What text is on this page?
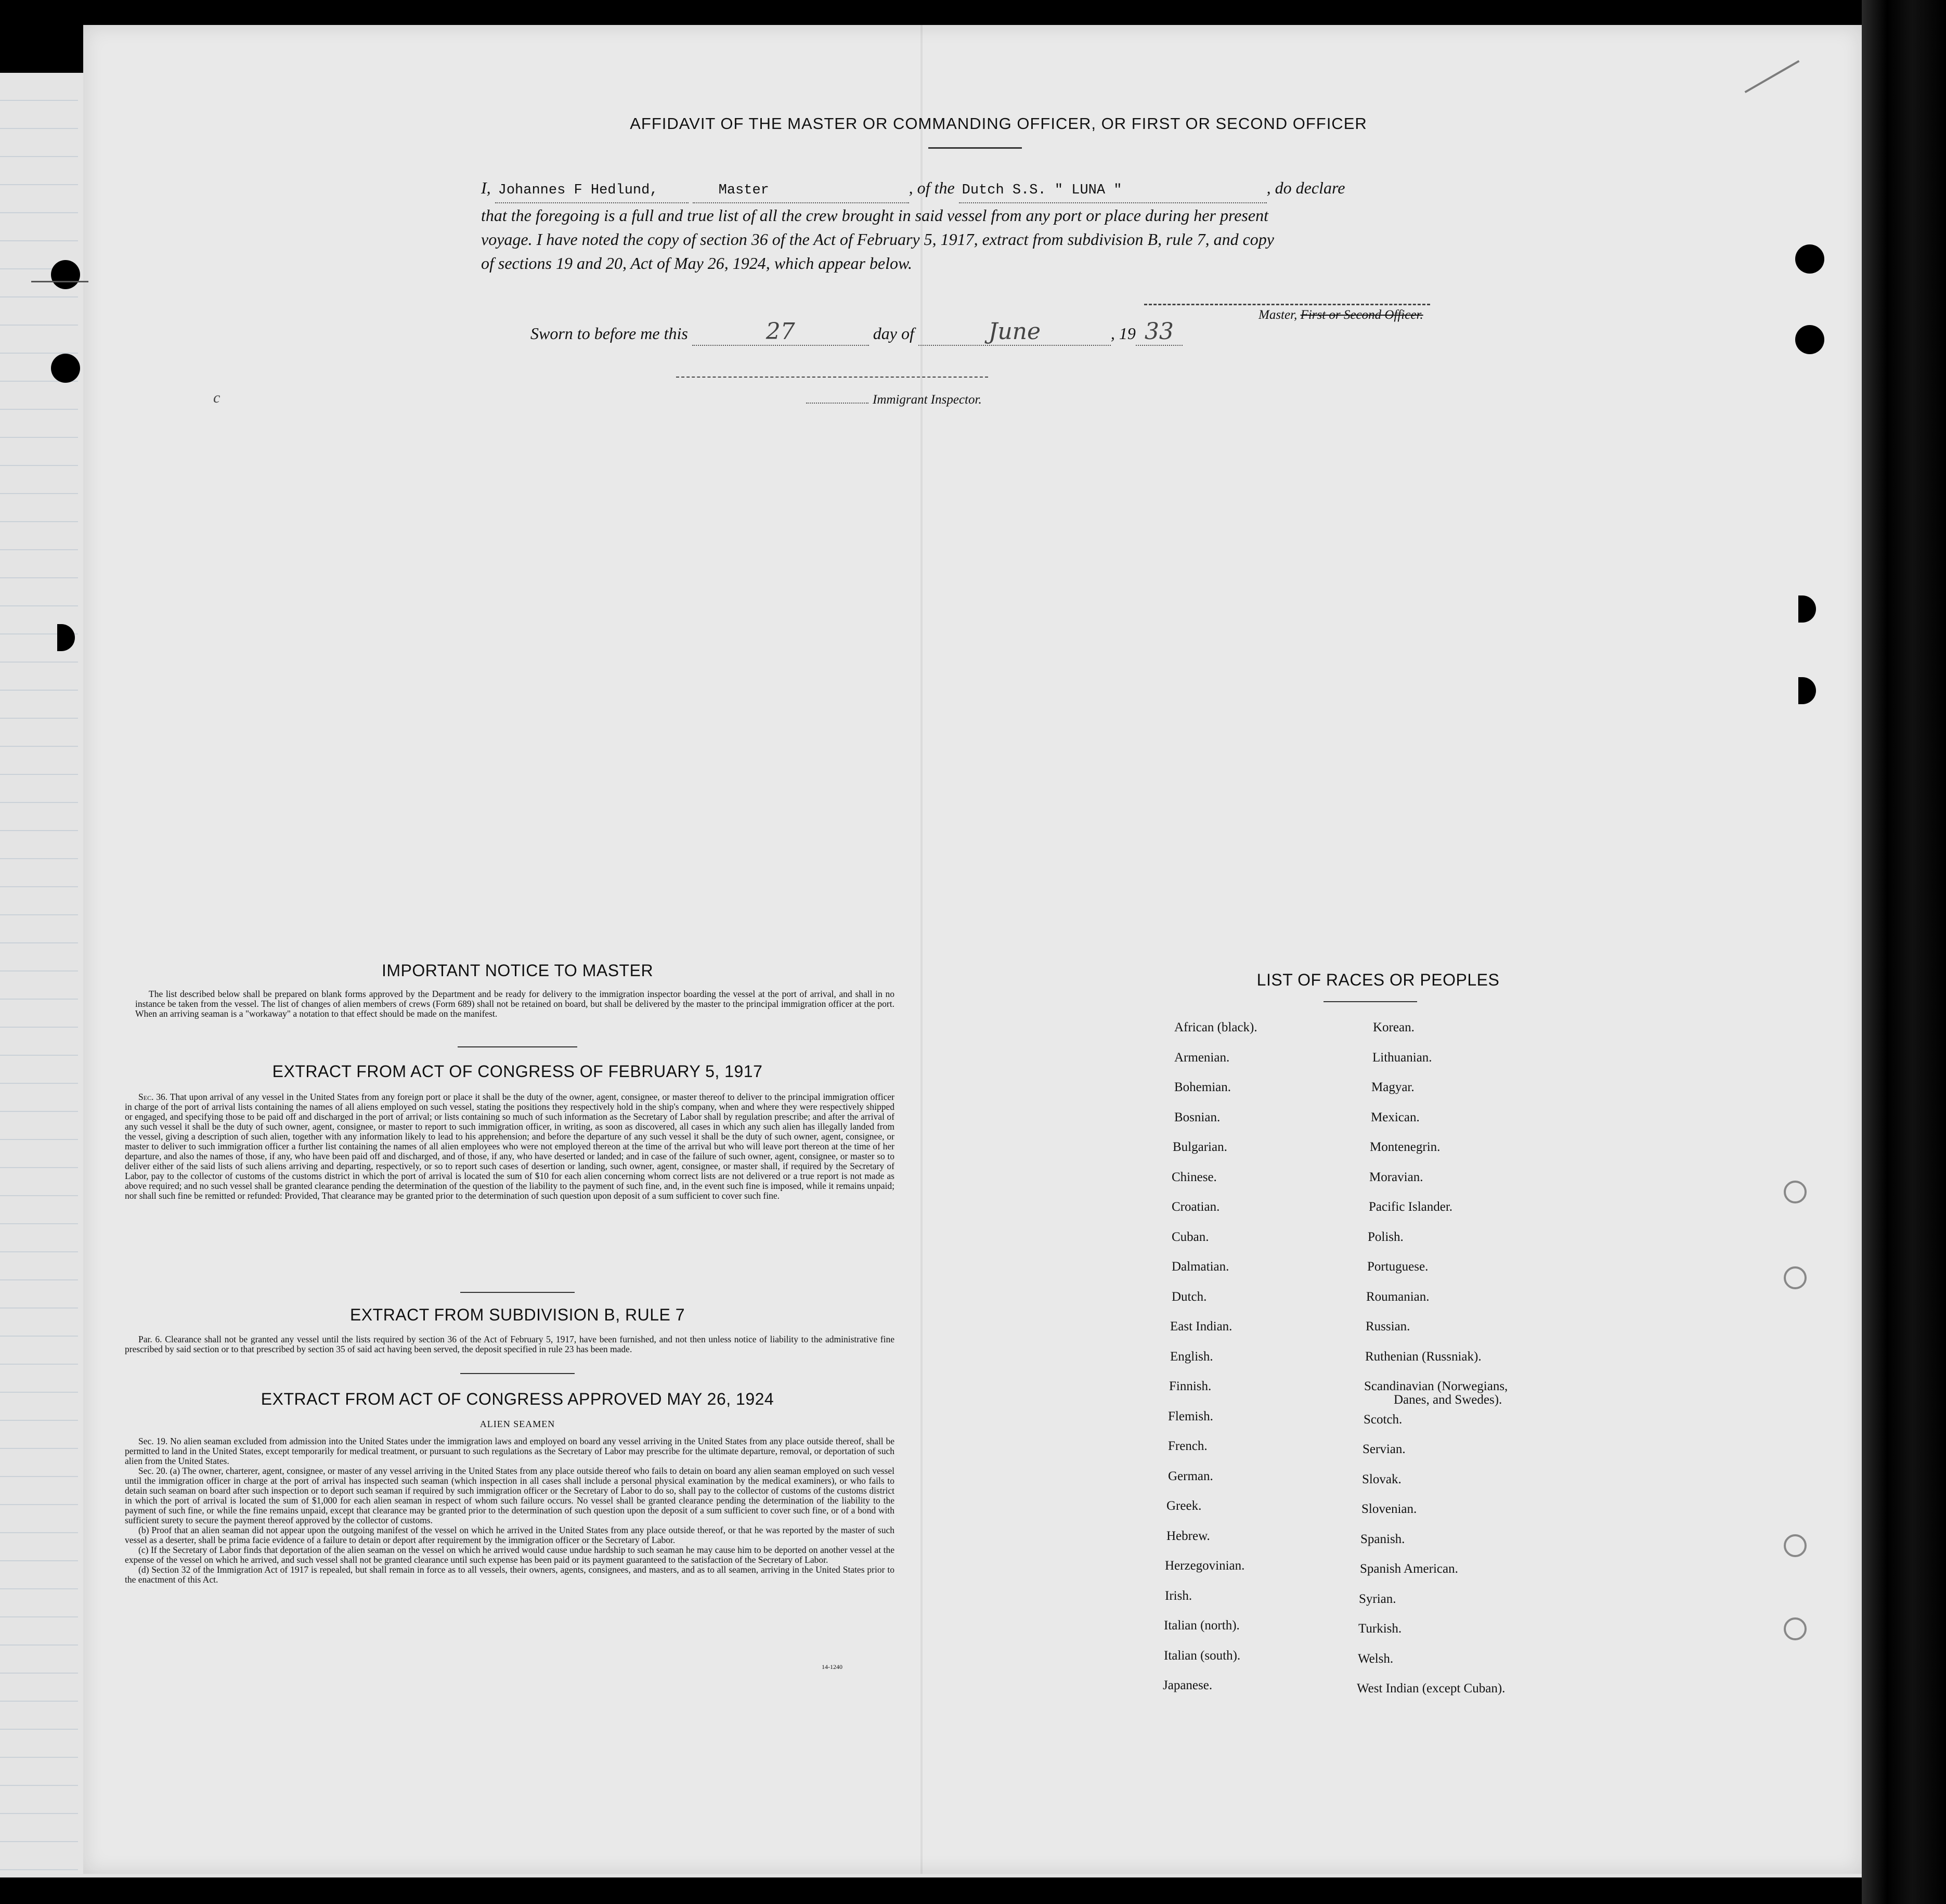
AFFIDAVIT OF THE MASTER OR COMMANDING OFFICER, OR FIRST OR SECOND OFFICER
I, Johannes F Hedlund,	Master	, of the Dutch S.S. " LUNA "	, do declare
that the foregoing is a full and true list of all the crew brought in said vessel from any port or place during her present
voyage. I have noted the copy of section 36 of the Act of February 5, 1917, extract from subdivision B, rule 7, and copy
of sections 19 and 20, Act of May 26, 1924, which appear below.
Master, First or Second Officer.
Sworn to before me this	27	day of	June	, 19 33
Immigrant Inspector.
c
IMPORTANT NOTICE TO MASTER

The list described below shall be prepared on blank forms approved by the Department and be ready for delivery to the immigration inspector boarding the vessel at the port of arrival, and shall in no instance be taken from the vessel. The list of changes of alien members of crews (Form 689) shall not be retained on board, but shall be delivered by the master to the principal immigration officer at the port. When an arriving seaman is a "workaway" a notation to that effect should be made on the manifest.

EXTRACT FROM ACT OF CONGRESS OF FEBRUARY 5, 1917

Sec. 36. That upon arrival of any vessel in the United States from any foreign port or place it shall be the duty of the owner, agent, consignee, or master thereof to deliver to the principal immigration officer in charge of the port of arrival lists containing the names of all aliens employed on such vessel, stating the positions they respectively hold in the ship's company, when and where they were respectively shipped or engaged, and specifying those to be paid off and discharged in the port of arrival; or lists containing so much of such information as the Secretary of Labor shall by regulation prescribe; and after the arrival of any such vessel it shall be the duty of such owner, agent, consignee, or master to report to such immigration officer, in writing, as soon as discovered, all cases in which any such alien has illegally landed from the vessel, giving a description of such alien, together with any information likely to lead to his apprehension; and before the departure of any such vessel it shall be the duty of such owner, agent, consignee, or master to deliver to such immigration officer a further list containing the names of all alien employees who were not employed thereon at the time of the arrival but who will leave port thereon at the time of her departure, and also the names of those, if any, who have been paid off and discharged, and of those, if any, who have deserted or landed; and in case of the failure of such owner, agent, consignee, or master so to deliver either of the said lists of such aliens arriving and departing, respectively, or so to report such cases of desertion or landing, such owner, agent, consignee, or master shall, if required by the Secretary of Labor, pay to the collector of customs of the customs district in which the port of arrival is located the sum of $10 for each alien concerning whom correct lists are not delivered or a true report is not made as above required; and no such vessel shall be granted clearance pending the determination of the question of the liability to the payment of such fine, and, in the event such fine is imposed, while it remains unpaid; nor shall such fine be remitted or refunded: Provided, That clearance may be granted prior to the determination of such question upon deposit of a sum sufficient to cover such fine.

EXTRACT FROM SUBDIVISION B, RULE 7

Par. 6. Clearance shall not be granted any vessel until the lists required by section 36 of the Act of February 5, 1917, have been furnished, and not then unless notice of liability to the administrative fine prescribed by said section or to that prescribed by section 35 of said act having been served, the deposit specified in rule 23 has been made.

EXTRACT FROM ACT OF CONGRESS APPROVED MAY 26, 1924
ALIEN SEAMEN

Sec. 19. No alien seaman excluded from admission into the United States under the immigration laws and employed on board any vessel arriving in the United States from any place outside thereof, shall be permitted to land in the United States, except temporarily for medical treatment, or pursuant to such regulations as the Secretary of Labor may prescribe for the ultimate departure, removal, or deportation of such alien from the United States.

Sec. 20. (a) The owner, charterer, agent, consignee, or master of any vessel arriving in the United States from any place outside thereof who fails to detain on board any alien seaman employed on such vessel until the immigration officer in charge at the port of arrival has inspected such seaman (which inspection in all cases shall include a personal physical examination by the medical examiners), or who fails to detain such seaman on board after such inspection or to deport such seaman if required by such immigration officer or the Secretary of Labor to do so, shall pay to the collector of customs of the customs district in which the port of arrival is located the sum of $1,000 for each alien seaman in respect of whom such failure occurs. No vessel shall be granted clearance pending the determination of the liability to the payment of such fine, or while the fine remains unpaid, except that clearance may be granted prior to the determination of such question upon the deposit of a sum sufficient to cover such fine, or of a bond with sufficient surety to secure the payment thereof approved by the collector of customs.

(b) Proof that an alien seaman did not appear upon the outgoing manifest of the vessel on which he arrived in the United States from any place outside thereof, or that he was reported by the master of such vessel as a deserter, shall be prima facie evidence of a failure to detain or deport after requirement by the immigration officer or the Secretary of Labor.

(c) If the Secretary of Labor finds that deportation of the alien seaman on the vessel on which he arrived would cause undue hardship to such seaman he may cause him to be deported on another vessel at the expense of the vessel on which he arrived, and such vessel shall not be granted clearance until such expense has been paid or its payment guaranteed to the satisfaction of the Secretary of Labor.

(d) Section 32 of the Immigration Act of 1917 is repealed, but shall remain in force as to all vessels, their owners, agents, consignees, and masters, and as to all seamen, arriving in the United States prior to the enactment of this Act.

14-1240
LIST OF RACES OR PEOPLES
African (black).
Armenian.
Bohemian.
Bosnian.
Bulgarian.
Chinese.
Croatian.
Cuban.
Dalmatian.
Dutch.
East Indian.
English.
Finnish.
Flemish.
French.
German.
Greek.
Hebrew.
Herzegovinian.
Irish.
Italian (north).
Italian (south).
Japanese.
Korean.
Lithuanian.
Magyar.
Mexican.
Montenegrin.
Moravian.
Pacific Islander.
Polish.
Portuguese.
Roumanian.
Russian.
Ruthenian (Russniak).
Scandinavian (Norwegians,
Danes, and Swedes).
Scotch.
Servian.
Slovak.
Slovenian.
Spanish.
Spanish American.
Syrian.
Turkish.
Welsh.
West Indian (except Cuban).
